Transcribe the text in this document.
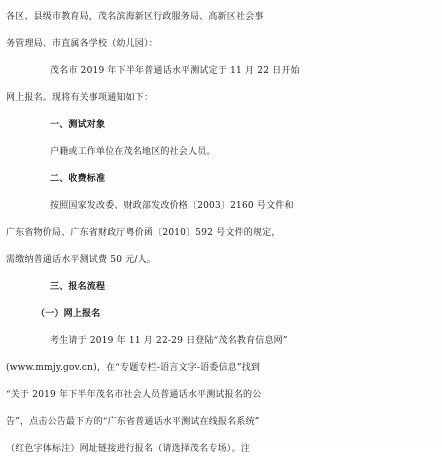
各区、县级市教育局，茂名滨海新区行政服务局、高新区社会事
务管理局、市直属各学校（幼儿园）：
茂名市 2019 年下半年普通话水平测试定于 11 月 22 日开始
网上报名。现将有关事项通知如下：
一、测试对象
户籍或工作单位在茂名地区的社会人员。
二、收费标准
按照国家发改委、财政部发改价格〔2003〕2160 号文件和
广东省物价局、广东省财政厅粤价函〔2010〕592 号文件的规定，
需缴纳普通话水平测试费 50 元/人。
三、报名流程
（一）网上报名
考生请于 2019 年 11 月 22-29 日登陆“茂名教育信息网”
(www.mmjy.gov.cn)，在“专题专栏-语言文字-语委信息”找到
“关于 2019 年下半年茂名市社会人员普通话水平测试报名的公
告”，点击公告最下方的“广东省普通话水平测试在线报名系统”
（红色字体标注）网址链接进行报名（请选择茂名专场）。注
